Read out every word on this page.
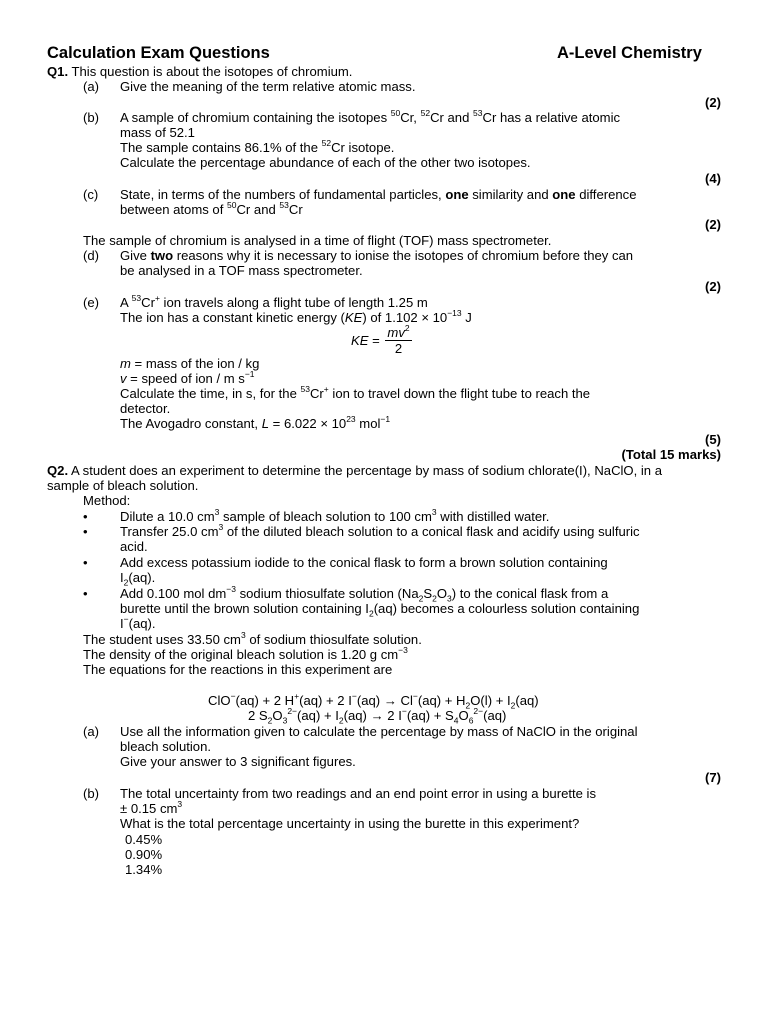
Calculation Exam Questions	A-Level Chemistry
Q1. This question is about the isotopes of chromium.
(a) Give the meaning of the term relative atomic mass.
(2)
(b) A sample of chromium containing the isotopes $^{50}$Cr, $^{52}$Cr and $^{53}$Cr has a relative atomic
mass of 52.1
The sample contains 86.1% of the $^{52}$Cr isotope.
Calculate the percentage abundance of each of the other two isotopes.
(4)
(c) State, in terms of the numbers of fundamental particles, one similarity and one difference
between atoms of $^{50}$Cr and $^{53}$Cr
(2)
The sample of chromium is analysed in a time of flight (TOF) mass spectrometer.
(d) Give two reasons why it is necessary to ionise the isotopes of chromium before they can
be analysed in a TOF mass spectrometer.
(2)
(e) A $^{53}$Cr+ ion travels along a flight tube of length 1.25 m
The ion has a constant kinetic energy (KE) of $1.102 \times 10^{-13}$ J
KE = $\frac{mv^2}{2}$
m = mass of the ion / kg
v = speed of ion / m $s^{-1}$
Calculate the time, in s, for the $^{53}$Cr+ ion to travel down the flight tube to reach the
detector.
The Avogadro constant, $L = 6.022 \times 10^{23}$ mol$^{-1}$
(5)
(Total 15 marks)
Q2. A student does an experiment to determine the percentage by mass of sodium chlorate(I), NaClO, in a
sample of bleach solution.
Method:
• Dilute a 10.0 $cm^3$ sample of bleach solution to 100 $cm^3$ with distilled water.
• Transfer 25.0 $cm^3$ of the diluted bleach solution to a conical flask and acidify using sulfuric
acid.
• Add excess potassium iodide to the conical flask to form a brown solution containing
$I_2(aq)$.
• Add 0.100 mol $dm^{-3}$ sodium thiosulfate solution $(Na_2S_2O_3)$ to the conical flask from a
burette until the brown solution containing $I_2(aq)$ becomes a colourless solution containing
I−(aq).
The student uses 33.50 $cm^3$ of sodium thiosulfate solution.
The density of the original bleach solution is 1.20 g $cm^{-3}$
The equations for the reactions in this experiment are
ClO−(aq) + 2 H+(aq) + 2 $I^-(aq) \to Cl^-(aq) + H_2O(l) + I_2(aq)$
2 $S_2O_3^{2-}(aq) + I_2(aq) \to 2$ $I^-(aq) + S_4O_6^{2-}(aq)$
(a) Use all the information given to calculate the percentage by mass of NaClO in the original
bleach solution.
Give your answer to 3 significant figures.
(7)
(b) The total uncertainty from two readings and an end point error in using a burette is
± 0.15 $cm^3$
What is the total percentage uncertainty in using the burette in this experiment?
0.45%
0.90%
1.34%
